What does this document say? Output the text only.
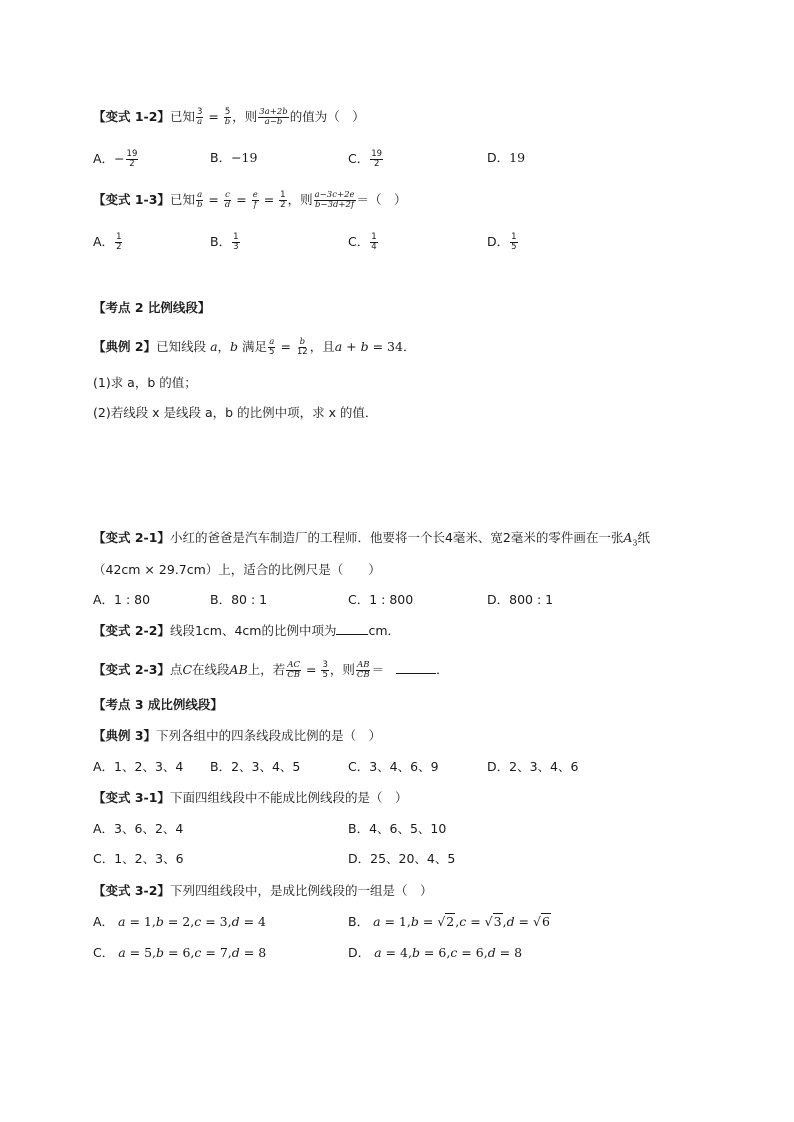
【变式 1-2】已知 $\frac{3}{a} = \frac{5}{b}$ ，则 $\frac{3a+2b}{a-b}$ 的值为（　）
A．− $\frac{19}{2}$	B．−19	C． $\frac{19}{2}$	D．19
【变式 1-3】已知 $\frac{a}{b} = \frac{c}{d} = \frac{e}{f} = \frac{1}{2}$ ，则 $\frac{a-3c+2e}{b-3d+2f}$ ＝（　）
A． $\frac{1}{2}$	B． $\frac{1}{3}$	C． $\frac{1}{4}$	D． $\frac{1}{5}$
【考点 2 比例线段】
【典例 2】已知线段 a，b 满足 $\frac{a}{5} = \frac{b}{12}$ ，且a + b = 34．
(1)求 a，b 的值；
(2)若线段 x 是线段 a，b 的比例中项，求 x 的值．
【变式 2-1】小红的爸爸是汽车制造厂的工程师．他要将一个长4毫米、宽2毫米的零件画在一张$A_3$纸
（42cm × 29.7cm）上，适合的比例尺是（　　）
A．1 : 80	B．80 : 1	C．1 : 800	D．800 : 1
【变式 2-2】线段1cm、4cm的比例中项为	cm．
【变式 2-3】点C在线段AB上，若 $\frac{AC}{CB} = \frac{3}{5}$ ，则 $\frac{AB}{CB}$ ＝	．
【考点 3 成比例线段】
【典例 3】下列各组中的四条线段成比例的是（　）
A．1、2、3、4 B．2、3、4、5	C．3、4、6、9	D．2、3、4、6
【变式 3-1】下面四组线段中不能成比例线段的是（　）
A．3、6、2、4	B．4、6、5、10
C．1、2、3、6	D．25、20、4、5
【变式 3-2】下列四组线段中，是成比例线段的一组是（　）
A． a = 1,b = 2,c = 3,d = 4	B． a = 1,b = √2,c = √3,d = √6
C． a = 5,b = 6,c = 7,d = 8	D． a = 4,b = 6,c = 6,d = 8
